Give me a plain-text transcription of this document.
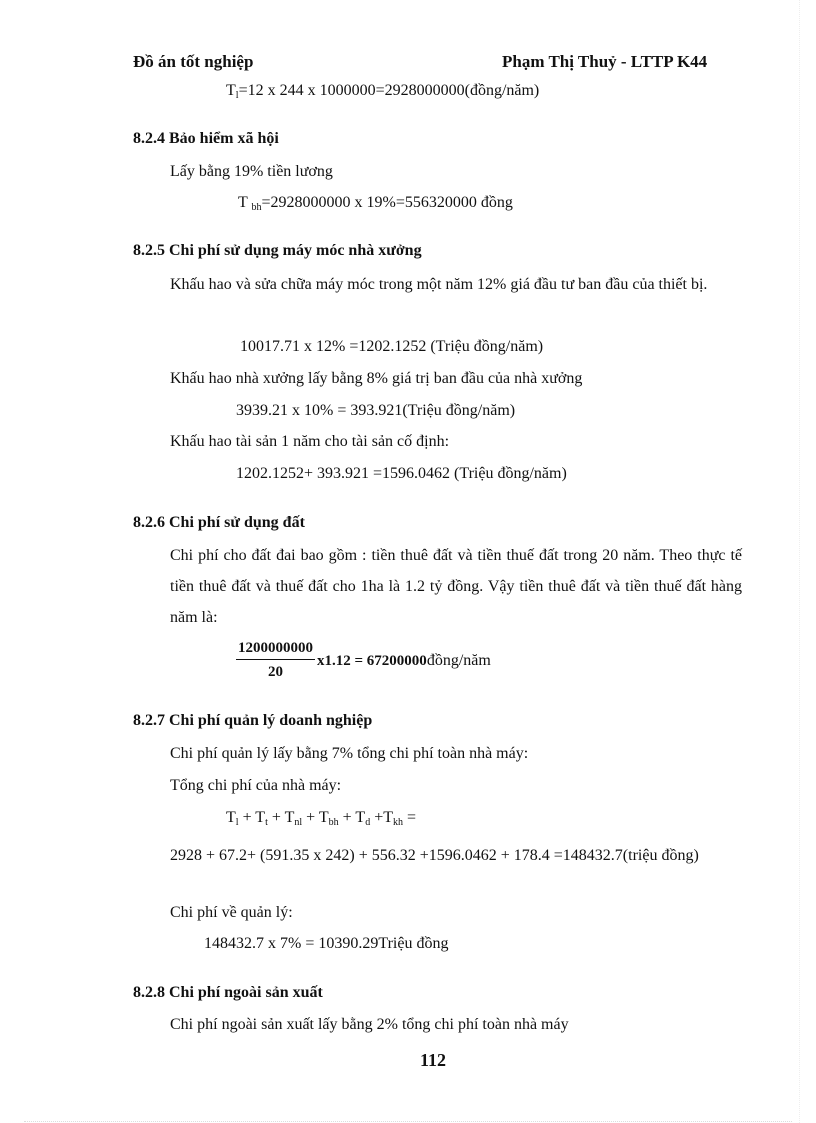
Đồ án tốt nghiệp	Phạm Thị Thuỷ - LTTP K44
$T_l=12$ x 244 x 1000000=2928000000(đồng/năm)
8.2.4 Bảo hiểm xã hội
Lấy bằng 19% tiền lương
T $_{bh}$=2928000000 x 19%=556320000 đồng
8.2.5 Chi phí sử dụng máy móc nhà xưởng
Khấu hao và sửa chữa máy móc trong một năm 12% giá đầu tư ban đầu của thiết bị.
10017.71 x 12% =1202.1252 (Triệu đồng/năm)
Khấu hao nhà xưởng lấy bằng 8% giá trị ban đầu của nhà xưởng
3939.21 x 10% = 393.921(Triệu đồng/năm)
Khấu hao tài sản 1 năm cho tài sản cố định:
1202.1252+ 393.921 =1596.0462 (Triệu đồng/năm)
8.2.6 Chi phí sử dụng đất
Chi phí cho đất đai bao gồm : tiền thuê đất và tiền thuế đất trong 20 năm. Theo thực tế tiền thuê đất và thuế đất cho 1ha là 1.2 tỷ đồng. Vậy tiền thuê đất và tiền thuế đất hàng năm là:
$\frac{1200000000}{20} x1.12$ = 67200000đồng/năm
8.2.7 Chi phí quản lý doanh nghiệp
Chi phí quản lý lấy bằng 7% tổng chi phí toàn nhà máy:
Tổng chi phí của nhà máy:
$T_l + T_t + T_{nl} + T_{bh} + T_d +T_{kh}$ =
2928 + 67.2+ (591.35 x 242) + 556.32 +1596.0462 + 178.4 =148432.7(triệu đồng)
Chi phí về quản lý:
148432.7 x 7% = 10390.29Triệu đồng
8.2.8 Chi phí ngoài sản xuất
Chi phí ngoài sản xuất lấy bằng 2% tổng chi phí toàn nhà máy
112
